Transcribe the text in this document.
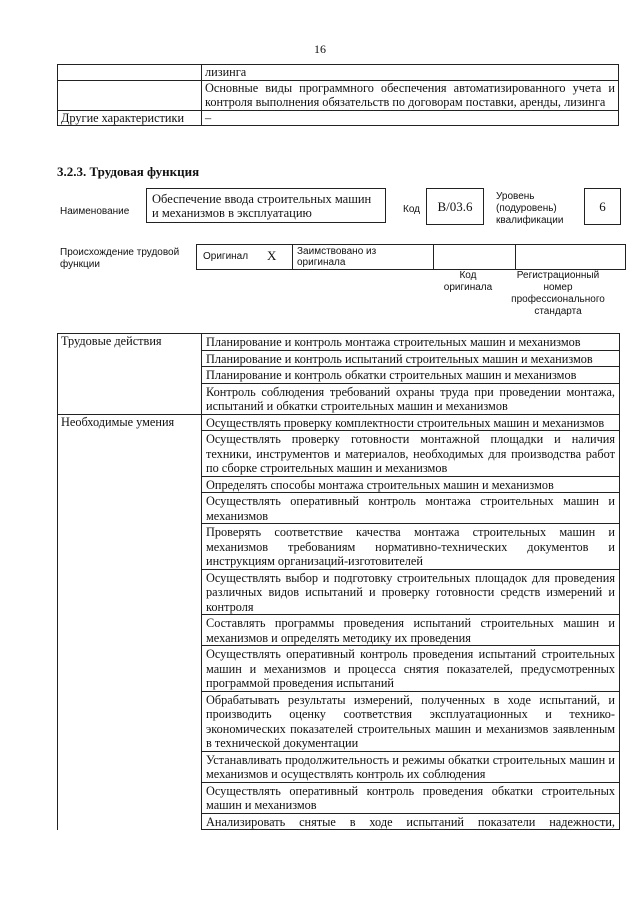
16
	лизинга
	Основные виды программного обеспечения автоматизированного учета и контроля выполнения обязательств по договорам поставки, аренды, лизинга
Другие характеристики	–
3.2.3. Трудовая функция
Наименование
Обеспечение ввода строительных машин и механизмов в эксплуатацию	Код	B/03.6
Уровень (подуровень) квалификации
6
Происхождение трудовой функции
Оригинал X Заимствовано из оригинала
Код оригинала
Регистрационный номер профессионального стандарта
Трудовые действия	Планирование и контроль монтажа строительных машин и механизмов
	Планирование и контроль испытаний строительных машин и механизмов
	Планирование и контроль обкатки строительных машин и механизмов
	Контроль соблюдения требований охраны труда при проведении монтажа, испытаний и обкатки строительных машин и механизмов
Необходимые умения	Осуществлять проверку комплектности строительных машин и механизмов
	Осуществлять проверку готовности монтажной площадки и наличия техники, инструментов и материалов, необходимых для производства работ по сборке строительных машин и механизмов
	Определять способы монтажа строительных машин и механизмов
	Осуществлять оперативный контроль монтажа строительных машин и механизмов
	Проверять соответствие качества монтажа строительных машин и механизмов требованиям нормативно-технических документов и инструкциям организаций-изготовителей
	Осуществлять выбор и подготовку строительных площадок для проведения различных видов испытаний и проверку готовности средств измерений и контроля
	Составлять программы проведения испытаний строительных машин и механизмов и определять методику их проведения
	Осуществлять оперативный контроль проведения испытаний строительных машин и механизмов и процесса снятия показателей, предусмотренных программой проведения испытаний
	Обрабатывать результаты измерений, полученных в ходе испытаний, и производить оценку соответствия эксплуатационных и технико-экономических показателей строительных машин и механизмов заявленным в технической документации
	Устанавливать продолжительность и режимы обкатки строительных машин и механизмов и осуществлять контроль их соблюдения
	Осуществлять оперативный контроль проведения обкатки строительных машин и механизмов
	Анализировать снятые в ходе испытаний показатели надежности,
